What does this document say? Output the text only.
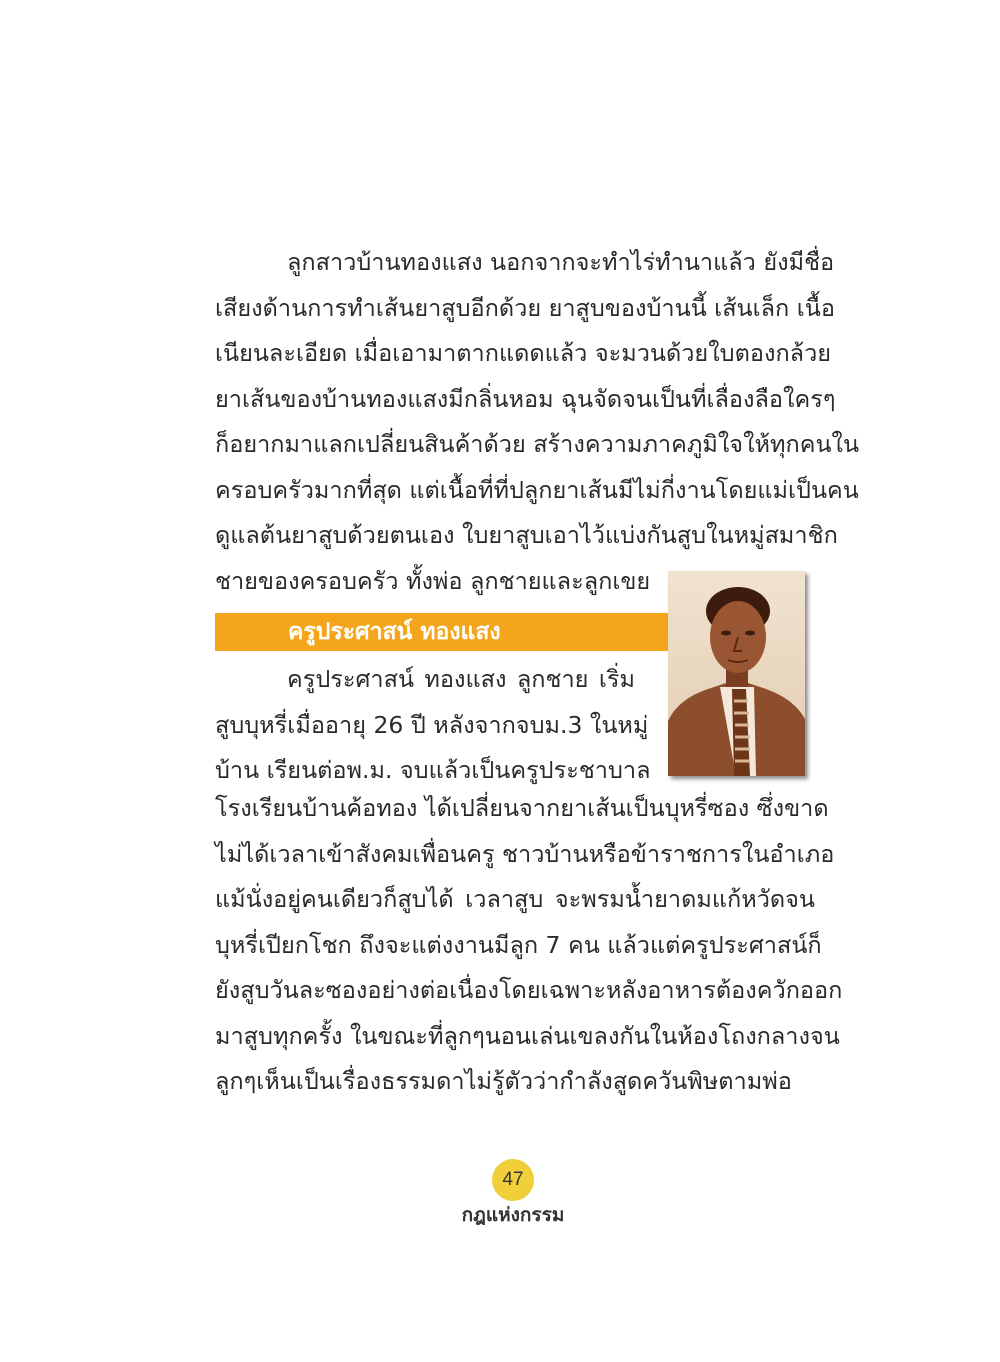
ลูกสาวบ้านทองแสง นอกจากจะทำไร่ทำนาแล้ว ยังมีชื่อ
เสียงด้านการทำเส้นยาสูบอีกด้วย ยาสูบของบ้านนี้ เส้นเล็ก เนื้อ
เนียนละเอียด เมื่อเอามาตากแดดแล้ว จะมวนด้วยใบตองกล้วย
ยาเส้นของบ้านทองแสงมีกลิ่นหอม ฉุนจัดจนเป็นที่เลื่องลือใครๆ
ก็อยากมาแลกเปลี่ยนสินค้าด้วย สร้างความภาคภูมิใจให้ทุกคนใน
ครอบครัวมากที่สุด แต่เนื้อที่ที่ปลูกยาเส้นมีไม่กี่งานโดยแม่เป็นคน
ดูแลต้นยาสูบด้วยตนเอง ใบยาสูบเอาไว้แบ่งกันสูบในหมู่สมาชิก
ชายของครอบครัว ทั้งพ่อ ลูกชายและลูกเขย
ครูประศาสน์ ทองแสง
ครูประศาสน์ ทองแสง ลูกชาย เริ่ม
สูบบุหรี่เมื่ออายุ 26 ปี หลังจากจบม.3 ในหมู่
บ้าน เรียนต่อพ.ม. จบแล้วเป็นครูประชาบาล
โรงเรียนบ้านค้อทอง ได้เปลี่ยนจากยาเส้นเป็นบุหรี่ซอง ซึ่งขาด
ไม่ได้เวลาเข้าสังคมเพื่อนครู ชาวบ้านหรือข้าราชการในอำเภอ
แม้นั่งอยู่คนเดียวก็สูบได้ เวลาสูบ จะพรมน้ำยาดมแก้หวัดจน
บุหรี่เปียกโชก ถึงจะแต่งงานมีลูก 7 คน แล้วแต่ครูประศาสน์ก็
ยังสูบวันละซองอย่างต่อเนื่องโดยเฉพาะหลังอาหารต้องควักออก
มาสูบทุกครั้ง ในขณะที่ลูกๆนอนเล่นเขลงกันในห้องโถงกลางจน
ลูกๆเห็นเป็นเรื่องธรรมดาไม่รู้ตัวว่ากำลังสูดควันพิษตามพ่อ
47
กฎแห่งกรรม
